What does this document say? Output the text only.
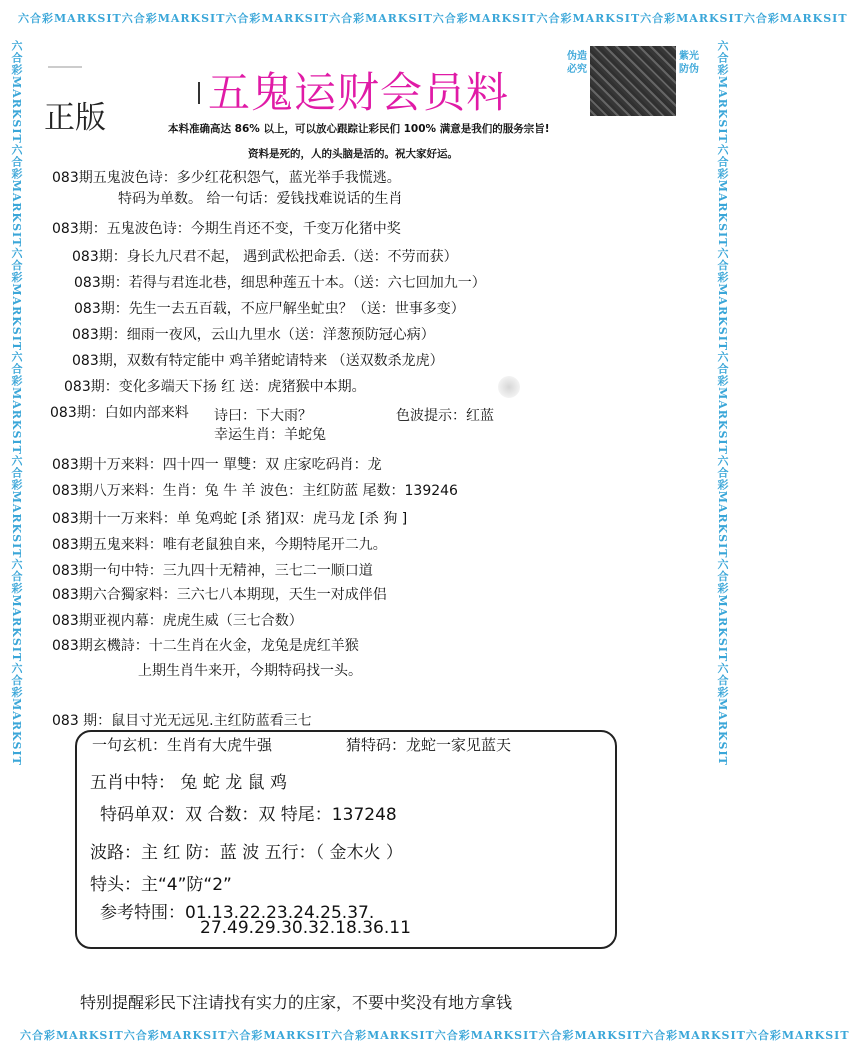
六合彩MARKSIT六合彩MARKSIT六合彩MARKSIT六合彩MARKSIT六合彩MARKSIT六合彩MARKSIT六合彩MARKSIT六合彩MARKSIT
六合彩MARKSIT六合彩MARKSIT六合彩MARKSIT六合彩MARKSIT六合彩MARKSIT六合彩MARKSIT六合彩MARKSIT六合彩MARKSIT
六合彩MARKSIT六合彩MARKSIT六合彩MARKSIT六合彩MARKSIT六合彩MARKSIT六合彩MARKSIT六合彩MARKSIT	六合彩MARKSIT六合彩MARKSIT六合彩MARKSIT六合彩MARKSIT六合彩MARKSIT六合彩MARKSIT六合彩MARKSIT
正版
五鬼运财会员料
本料准确高达 86% 以上，可以放心跟踪让彩民们 100% 满意是我们的服务宗旨!
资料是死的，人的头脑是活的。祝大家好运。
伪造必究
紫光防伪
083期五鬼波色诗：多少红花积怨气，蓝光举手我慌逃。
特码为单数。 给一句话：爱钱找难说话的生肖
083期：五鬼波色诗：今期生肖还不变，千变万化猪中奖
083期：身长九尺君不起， 遇到武松把命丢.（送：不劳而获）
083期：若得与君连北巷，细思种莲五十本。（送：六七回加九一）
083期：先生一去五百载，不应尸解坐虻虫？（送：世事多变）
083期：细雨一夜风，云山九里水（送：洋葱预防冠心病）
083期，双数有特定能中 鸡羊猪蛇请特来 （送双数杀龙虎）
083期：变化多端天下扬 红 送：虎猪猴中本期。
083期：白如内部来料 诗曰：下大雨？	色波提示：红蓝
幸运生肖：羊蛇兔
083期十万来料：四十四一 單雙：双 庄家吃码肖：龙
083期八万来料：生肖：兔 牛 羊 波色：主红防蓝 尾数：139246
083期十一万来料：单 兔鸡蛇 [杀 猪]双：虎马龙 [杀 狗 ]
083期五鬼来料：唯有老鼠独自来，今期特尾开二九。
083期一句中特：三九四十无精神，三七二一顺口道
083期六合獨家料：三六七八本期现，天生一对成伴侣
083期亚视内幕：虎虎生威（三七合数）
083期玄機詩：十二生肖在火金，龙兔是虎红羊猴
上期生肖牛来开，今期特码找一头。
083 期：鼠目寸光无远见.主红防蓝看三七
一句玄机：生肖有大虎牛强	猜特码：龙蛇一家见蓝天
五肖中特： 兔 蛇 龙 鼠 鸡
特码单双：双 合数：双 特尾：137248
波路：主 红 防：蓝 波 五行：（ 金木火 ）
特头：主“4”防“2”
参考特围：01.13.22.23.24.25.37.
27.49.29.30.32.18.36.11
特别提醒彩民下注请找有实力的庄家，不要中奖没有地方拿钱
